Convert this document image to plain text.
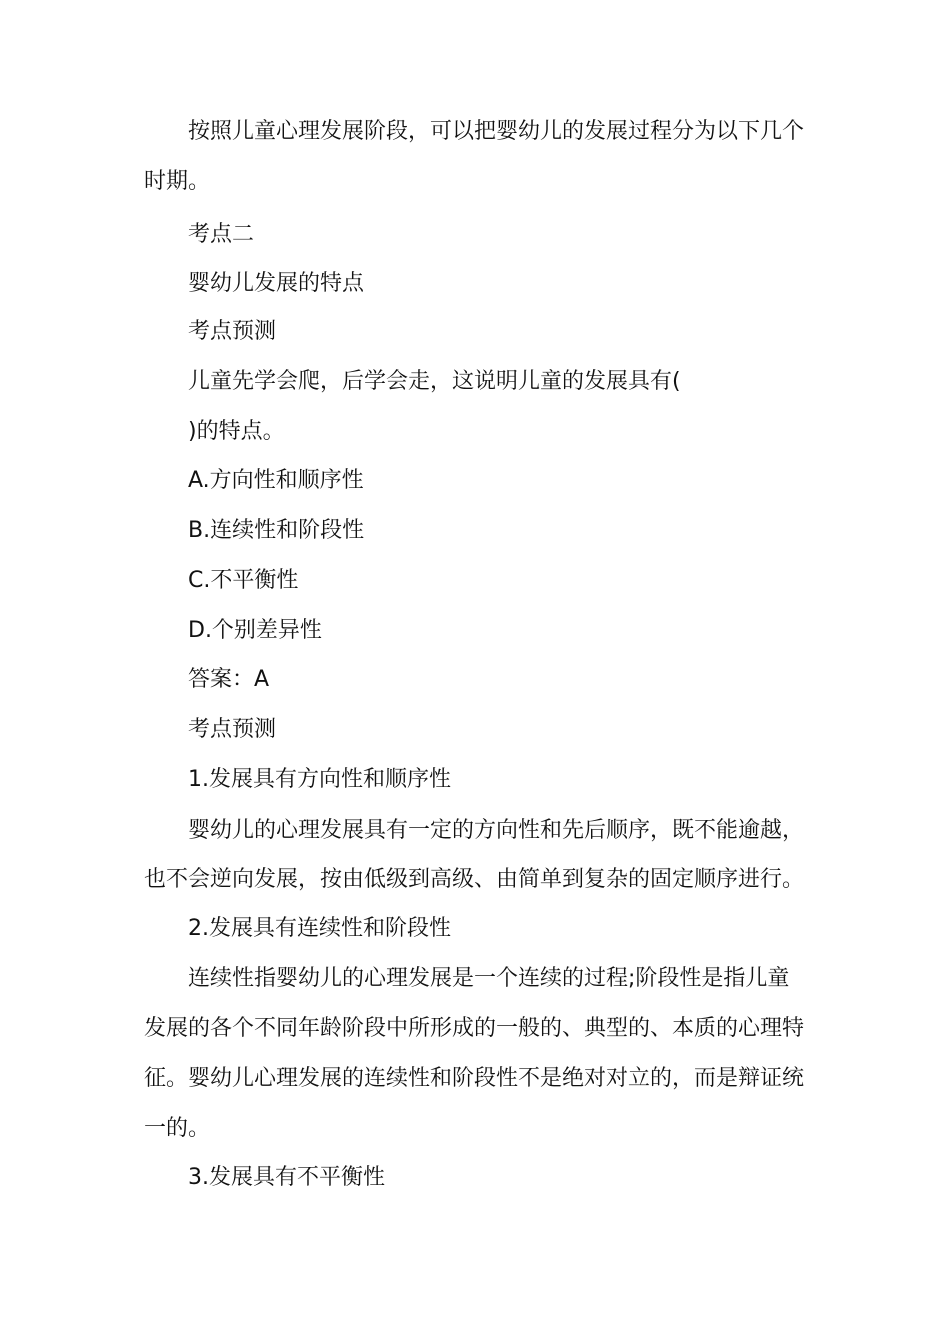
按照儿童心理发展阶段，可以把婴幼儿的发展过程分为以下几个
时期。
考点二
婴幼儿发展的特点
考点预测
儿童先学会爬，后学会走，这说明儿童的发展具有(
)的特点。
A.方向性和顺序性
B.连续性和阶段性
C.不平衡性
D.个别差异性
答案：A
考点预测
1.发展具有方向性和顺序性
婴幼儿的心理发展具有一定的方向性和先后顺序，既不能逾越，
也不会逆向发展，按由低级到高级、由简单到复杂的固定顺序进行。
2.发展具有连续性和阶段性
连续性指婴幼儿的心理发展是一个连续的过程;阶段性是指儿童
发展的各个不同年龄阶段中所形成的一般的、典型的、本质的心理特
征。婴幼儿心理发展的连续性和阶段性不是绝对对立的，而是辩证统
一的。
3.发展具有不平衡性
